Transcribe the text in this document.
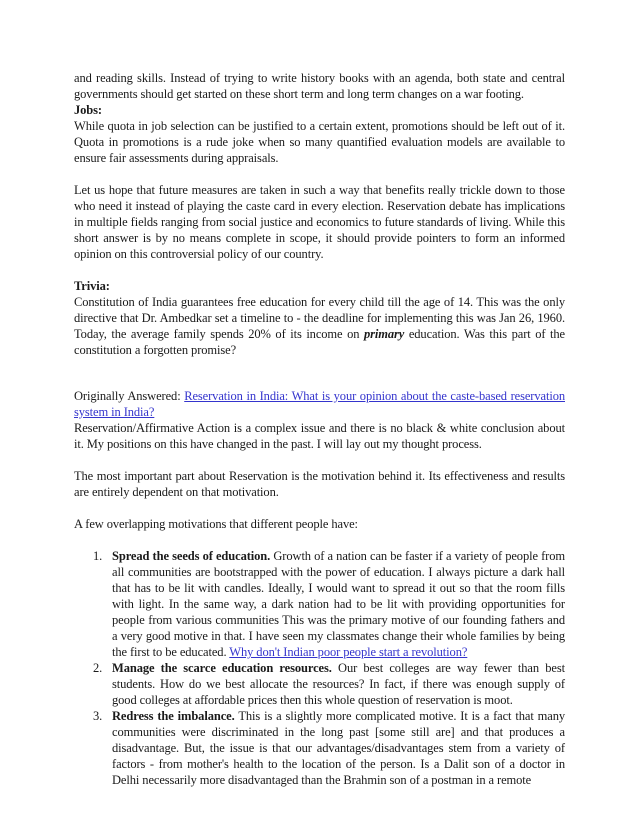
and reading skills. Instead of trying to write history books with an agenda, both state and central governments should get started on these short term and long term changes on a war footing.

Jobs:

While quota in job selection can be justified to a certain extent, promotions should be left out of it. Quota in promotions is a rude joke when so many quantified evaluation models are available to ensure fair assessments during appraisals.

Let us hope that future measures are taken in such a way that benefits really trickle down to those who need it instead of playing the caste card in every election. Reservation debate has implications in multiple fields ranging from social justice and economics to future standards of living. While this short answer is by no means complete in scope, it should provide pointers to form an informed opinion on this controversial policy of our country.

Trivia:

Constitution of India guarantees free education for every child till the age of 14. This was the only directive that Dr. Ambedkar set a timeline to - the deadline for implementing this was Jan 26, 1960. Today, the average family spends 20% of its income on primary education. Was this part of the constitution a forgotten promise?

Originally Answered: Reservation in India: What is your opinion about the caste-based reservation system in India?

Reservation/Affirmative Action is a complex issue and there is no black & white conclusion about it. My positions on this have changed in the past. I will lay out my thought process.

The most important part about Reservation is the motivation behind it. Its effectiveness and results are entirely dependent on that motivation.

A few overlapping motivations that different people have:

1. Spread the seeds of education. Growth of a nation can be faster if a variety of people from all communities are bootstrapped with the power of education. I always picture a dark hall that has to be lit with candles. Ideally, I would want to spread it out so that the room fills with light. In the same way, a dark nation had to be lit with providing opportunities for people from various communities This was the primary motive of our founding fathers and a very good motive in that. I have seen my classmates change their whole families by being the first to be educated. Why don't Indian poor people start a revolution?
2. Manage the scarce education resources. Our best colleges are way fewer than best students. How do we best allocate the resources? In fact, if there was enough supply of good colleges at affordable prices then this whole question of reservation is moot.
3. Redress the imbalance. This is a slightly more complicated motive. It is a fact that many communities were discriminated in the long past [some still are] and that produces a disadvantage. But, the issue is that our advantages/disadvantages stem from a variety of factors - from mother's health to the location of the person. Is a Dalit son of a doctor in Delhi necessarily more disadvantaged than the Brahmin son of a postman in a remote
